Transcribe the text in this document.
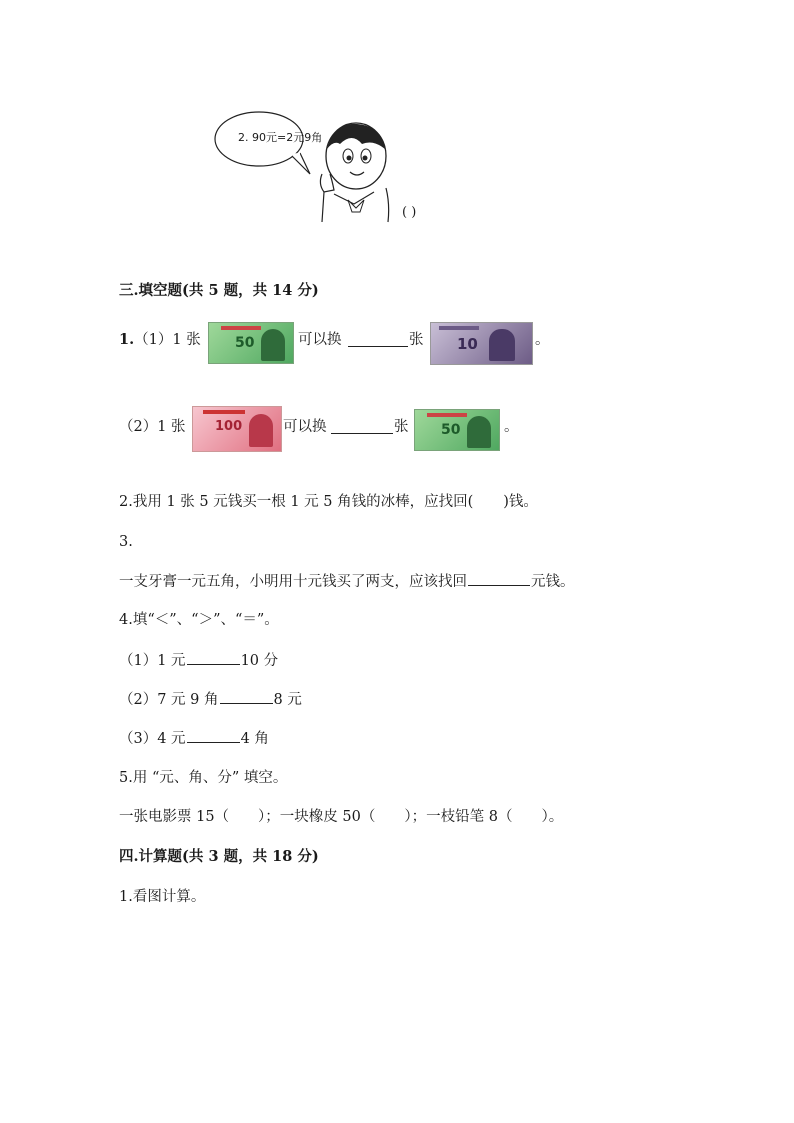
2. 90元=2元9角
( )
三.填空题(共 5 题，共 14 分)
1.（1）1 张 50	可以换	张 10	。
（2）1 张 100	可以换	张 50	。
2.我用 1 张 5 元钱买一根 1 元 5 角钱的冰棒，应找回( )钱。
3.
一支牙膏一元五角，小明用十元钱买了两支，应该找回	元钱。
4.填“＜”、“＞”、“＝”。
（1）1 元	10 分
（2）7 元 9 角	8 元
（3）4 元	4 角
5.用 “元、角、分” 填空。
一张电影票 15（　　）；一块橡皮 50（　　）；一枝铅笔 8（　　）。
四.计算题(共 3 题，共 18 分)
1.看图计算。
